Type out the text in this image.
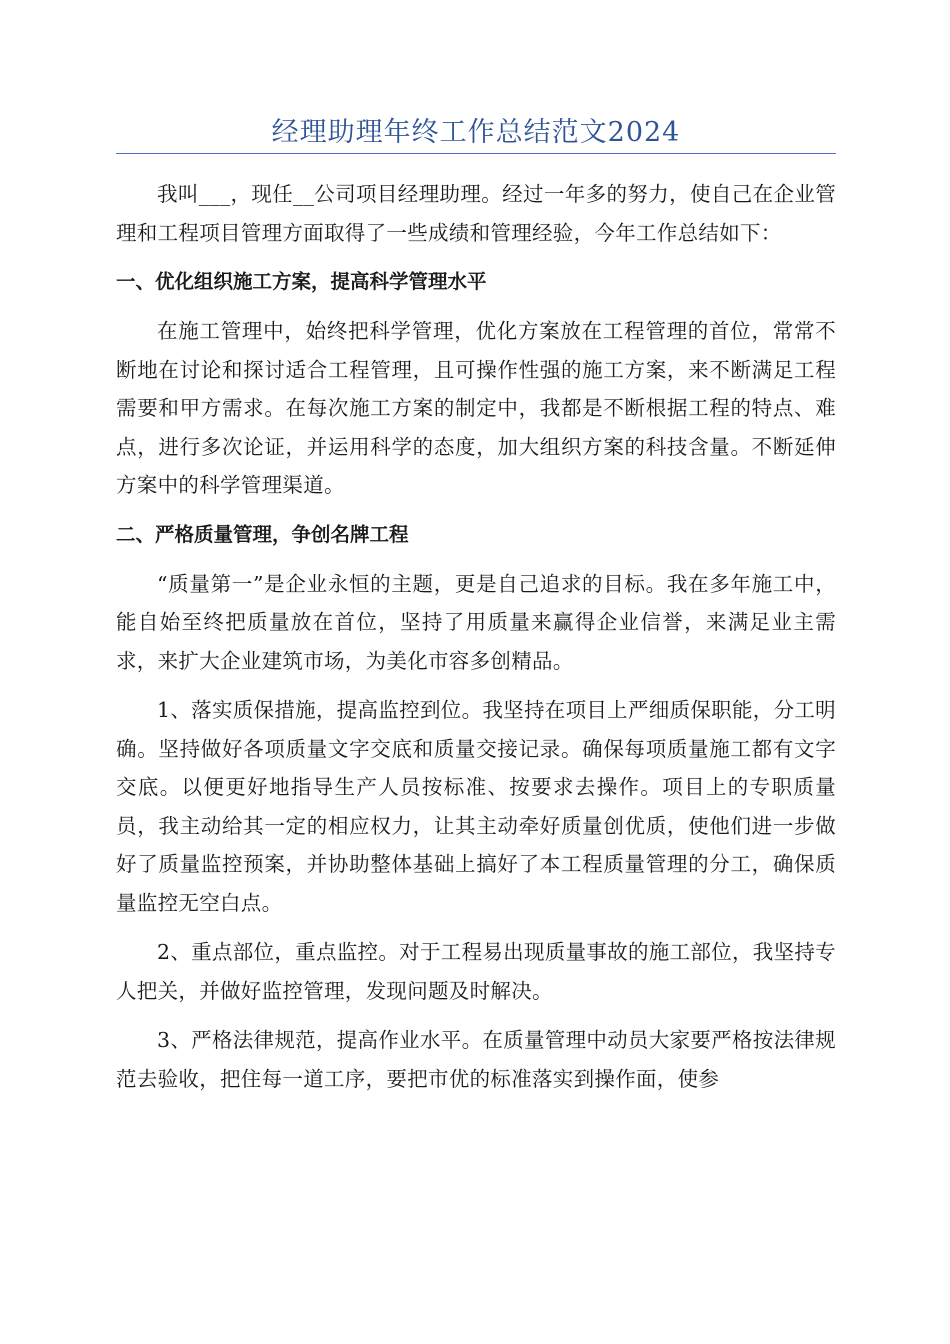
经理助理年终工作总结范文2024

我叫___，现任__公司项目经理助理。经过一年多的努力，使自己在企业管理和工程项目管理方面取得了一些成绩和管理经验，今年工作总结如下：

一、优化组织施工方案，提高科学管理水平

在施工管理中，始终把科学管理，优化方案放在工程管理的首位，常常不断地在讨论和探讨适合工程管理，且可操作性强的施工方案，来不断满足工程需要和甲方需求。在每次施工方案的制定中，我都是不断根据工程的特点、难点，进行多次论证，并运用科学的态度，加大组织方案的科技含量。不断延伸方案中的科学管理渠道。

二、严格质量管理，争创名牌工程

“质量第一”是企业永恒的主题，更是自己追求的目标。我在多年施工中，能自始至终把质量放在首位，坚持了用质量来赢得企业信誉，来满足业主需求，来扩大企业建筑市场，为美化市容多创精品。

1、落实质保措施，提高监控到位。我坚持在项目上严细质保职能，分工明确。坚持做好各项质量文字交底和质量交接记录。确保每项质量施工都有文字交底。以便更好地指导生产人员按标准、按要求去操作。项目上的专职质量员，我主动给其一定的相应权力，让其主动牵好质量创优质，使他们进一步做好了质量监控预案，并协助整体基础上搞好了本工程质量管理的分工，确保质量监控无空白点。

2、重点部位，重点监控。对于工程易出现质量事故的施工部位，我坚持专人把关，并做好监控管理，发现问题及时解决。

3、严格法律规范，提高作业水平。在质量管理中动员大家要严格按法律规范去验收，把住每一道工序，要把市优的标准落实到操作面，使参
